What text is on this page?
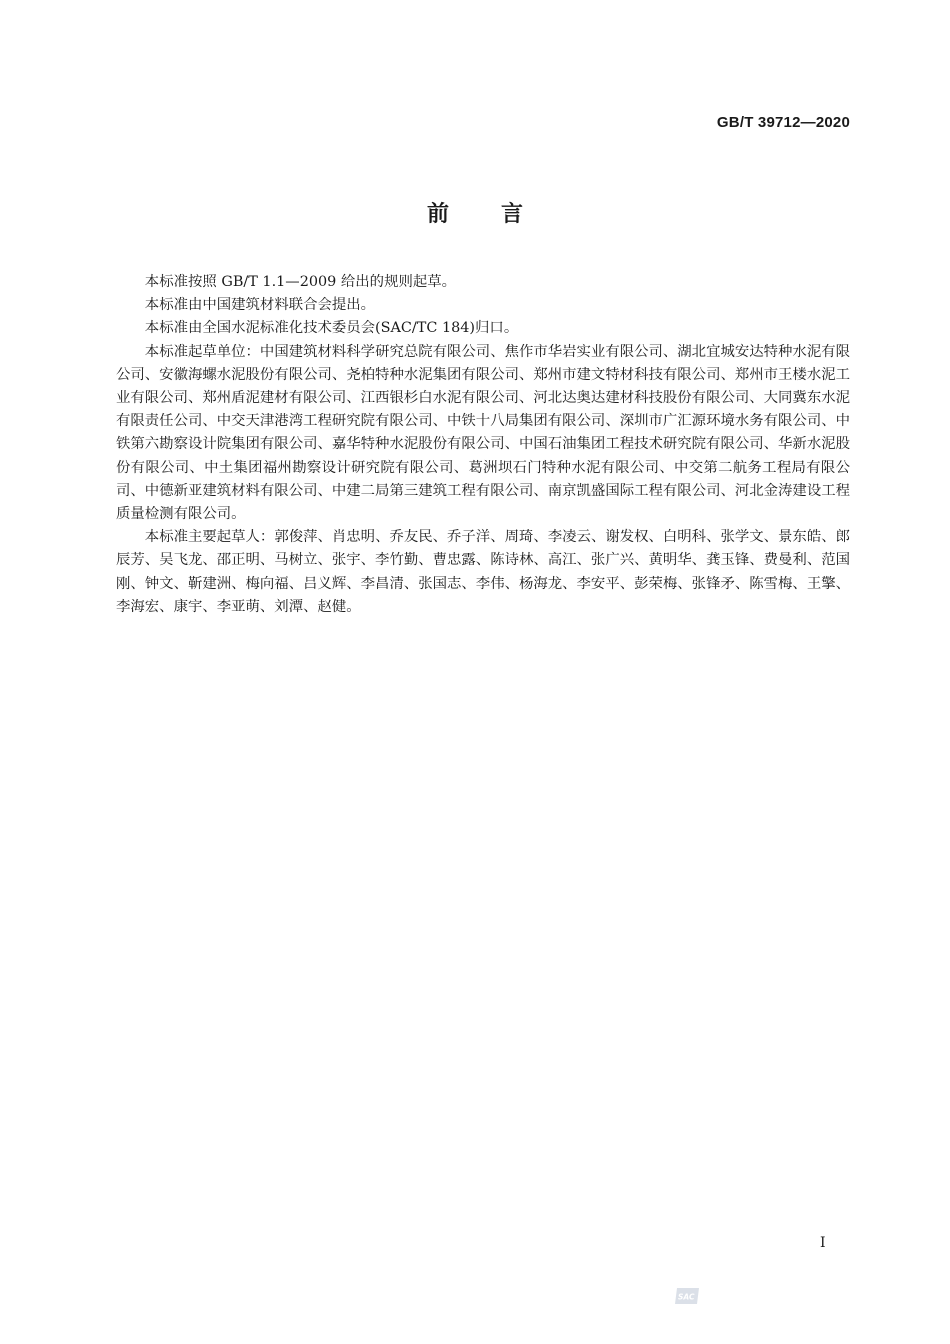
GB/T 39712—2020
前言

本标准按照 GB/T 1.1—2009 给出的规则起草。

本标准由中国建筑材料联合会提出。

本标准由全国水泥标准化技术委员会(SAC/TC 184)归口。

本标准起草单位：中国建筑材料科学研究总院有限公司、焦作市华岩实业有限公司、湖北宜城安达特种水泥有限公司、安徽海螺水泥股份有限公司、尧柏特种水泥集团有限公司、郑州市建文特材科技有限公司、郑州市王楼水泥工业有限公司、郑州盾泥建材有限公司、江西银杉白水泥有限公司、河北达奥达建材科技股份有限公司、大同冀东水泥有限责任公司、中交天津港湾工程研究院有限公司、中铁十八局集团有限公司、深圳市广汇源环境水务有限公司、中铁第六勘察设计院集团有限公司、嘉华特种水泥股份有限公司、中国石油集团工程技术研究院有限公司、华新水泥股份有限公司、中土集团福州勘察设计研究院有限公司、葛洲坝石门特种水泥有限公司、中交第二航务工程局有限公司、中德新亚建筑材料有限公司、中建二局第三建筑工程有限公司、南京凯盛国际工程有限公司、河北金涛建设工程质量检测有限公司。

本标准主要起草人：郭俊萍、肖忠明、乔友民、乔子洋、周琦、李凌云、谢发权、白明科、张学文、景东皓、郎辰芳、吴飞龙、邵正明、马树立、张宇、李竹勤、曹忠露、陈诗林、高江、张广兴、黄明华、龚玉锋、费曼利、范国刚、钟文、靳建洲、梅向福、吕义辉、李昌清、张国志、李伟、杨海龙、李安平、彭荣梅、张锋矛、陈雪梅、王擎、李海宏、康宇、李亚萌、刘潭、赵健。

I
SAC
